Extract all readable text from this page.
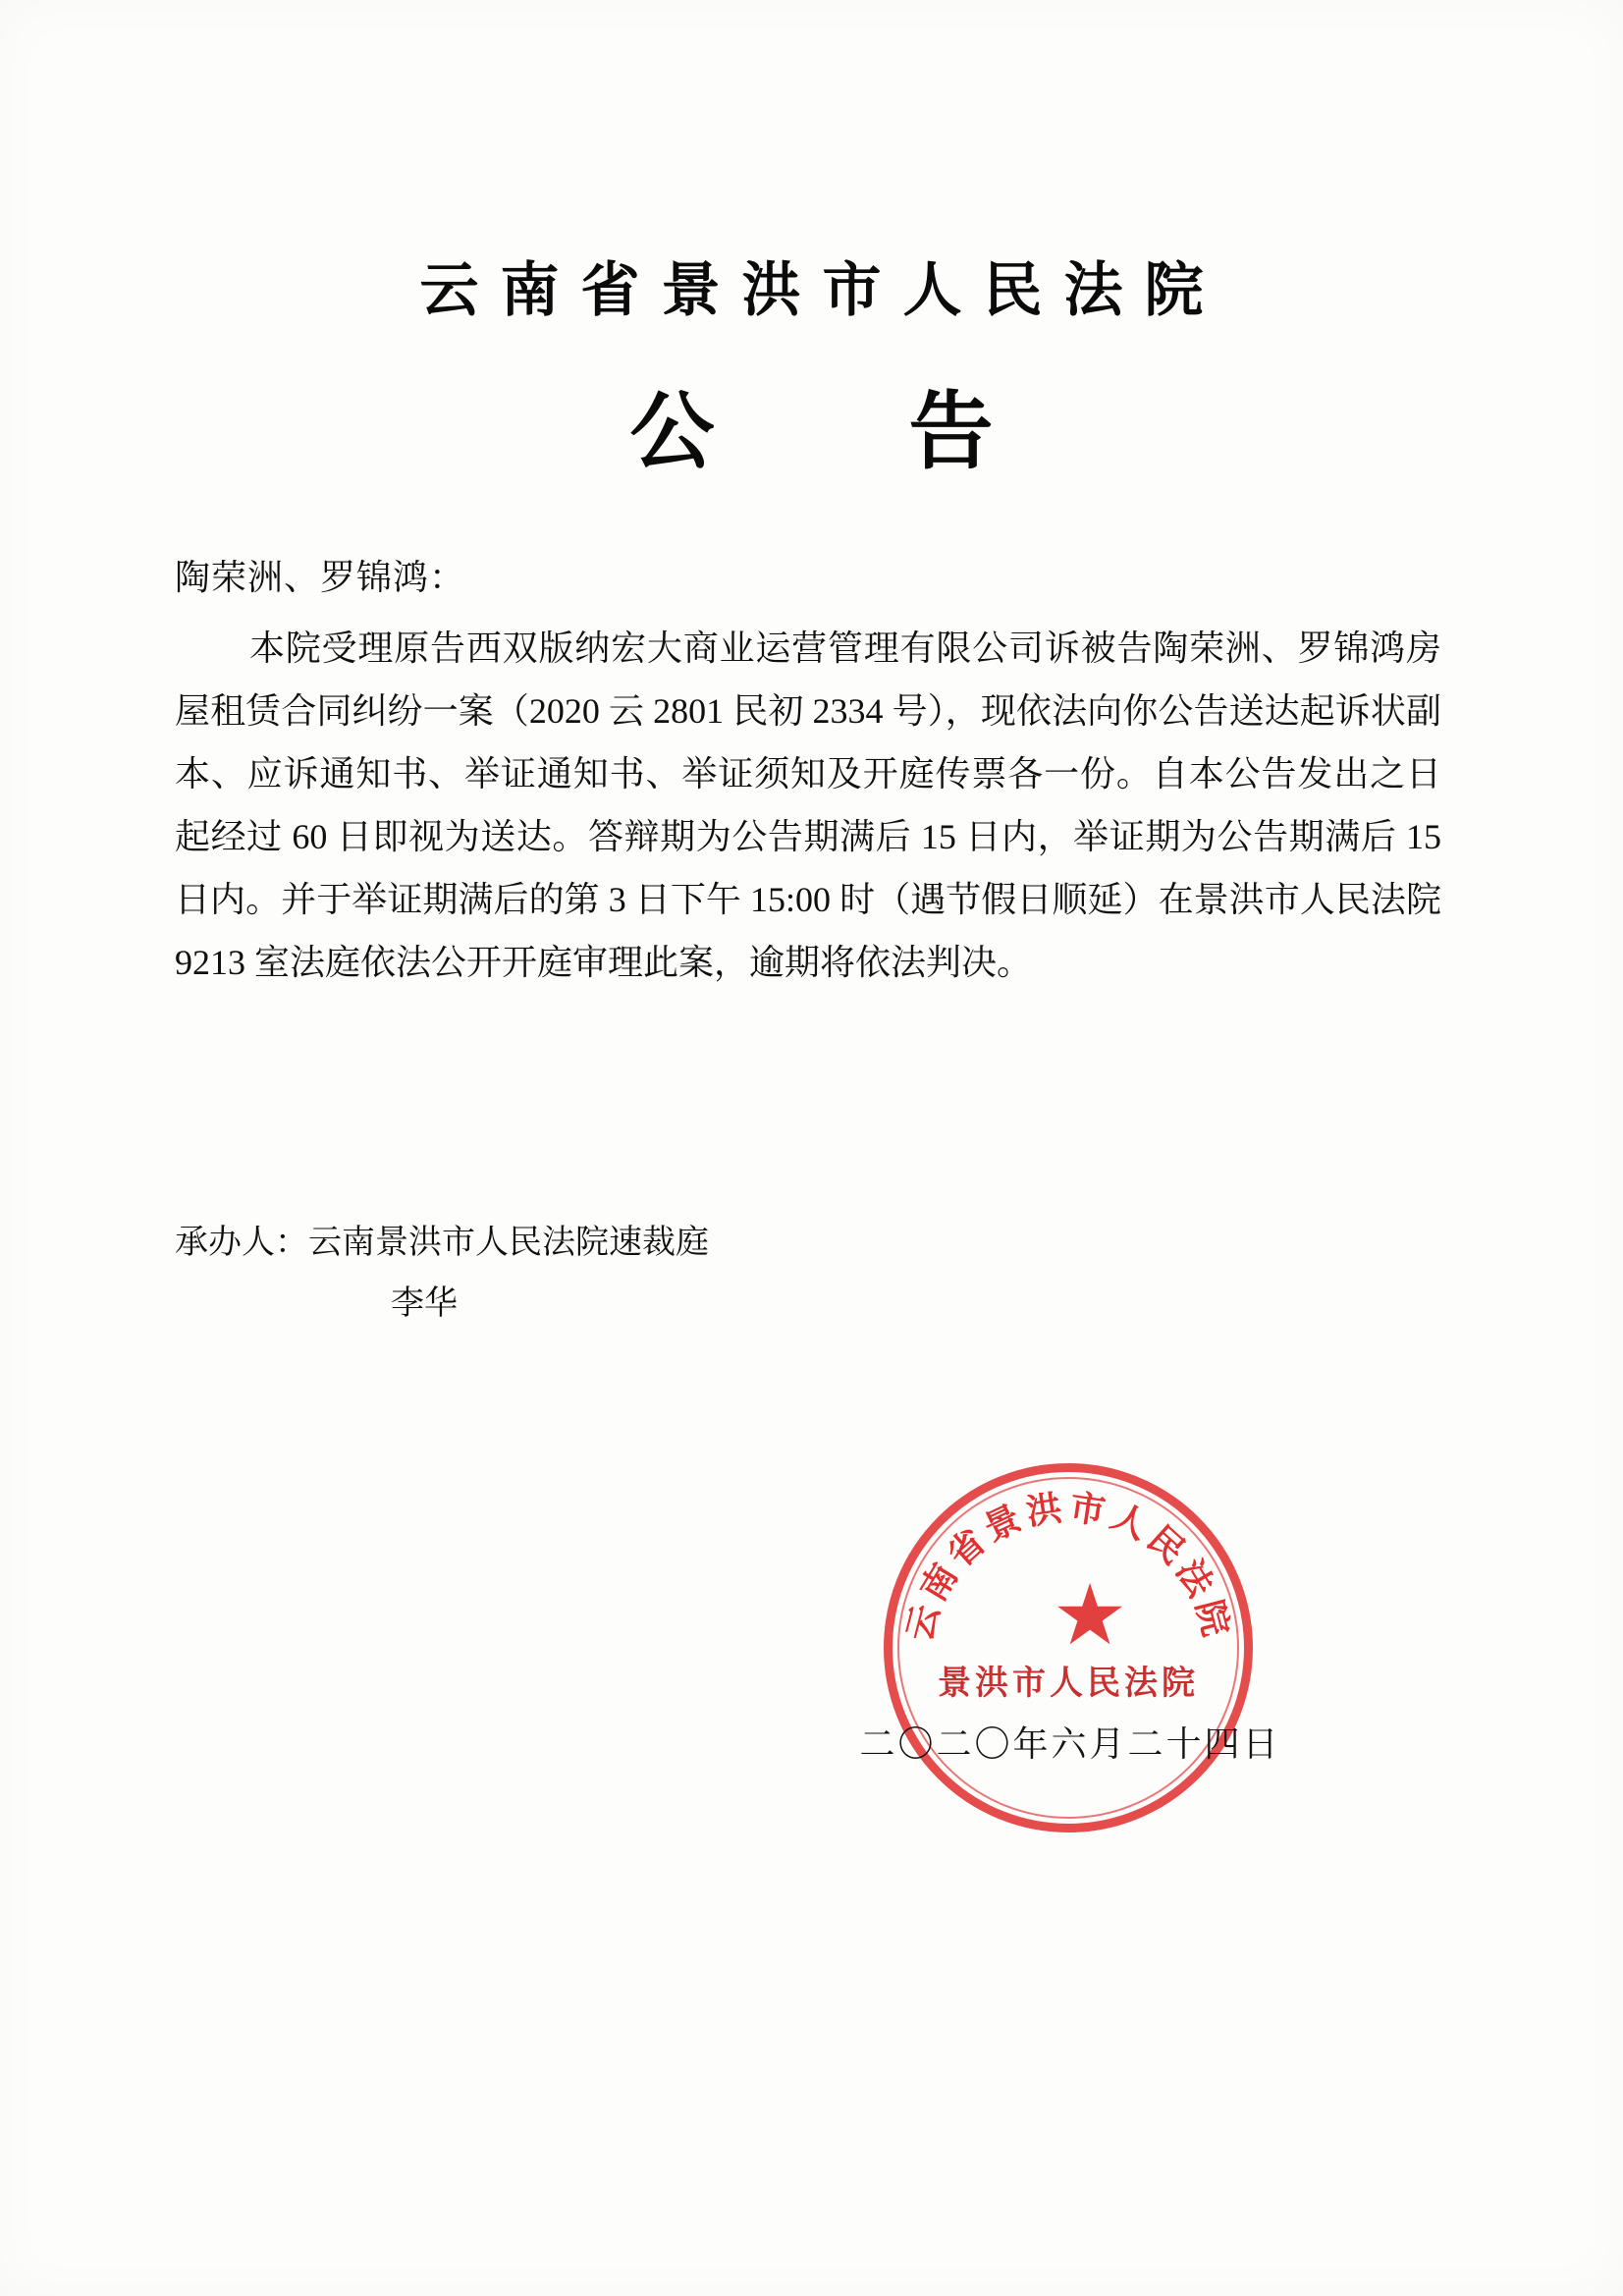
云南省景洪市人民法院
公　告
陶荣洲、罗锦鸿：
本院受理原告西双版纳宏大商业运营管理有限公司诉被告陶荣洲、罗锦鸿房屋租赁合同纠纷一案（2020 云 2801 民初 2334 号），现依法向你公告送达起诉状副本、应诉通知书、举证通知书、举证须知及开庭传票各一份。自本公告发出之日起经过 60 日即视为送达。答辩期为公告期满后 15 日内，举证期为公告期满后 15 日内。并于举证期满后的第 3 日下午 15:00 时（遇节假日顺延）在景洪市人民法院 9213 室法庭依法公开开庭审理此案，逾期将依法判决。
承办人：云南景洪市人民法院速裁庭
李华
云南省景洪市人民法院
★
景洪市人民法院
二〇二〇年六月二十四日
